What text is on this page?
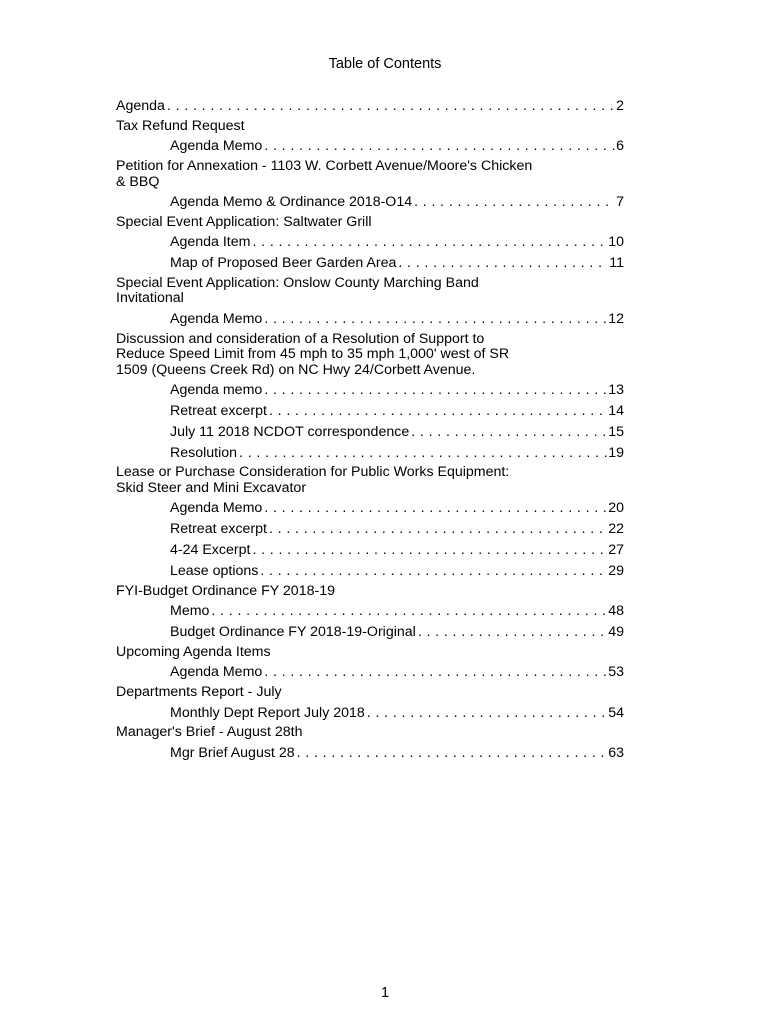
Table of Contents
Agenda . . .	2
Tax Refund Request
Agenda Memo . . .	6
Petition for Annexation - 1103 W. Corbett Avenue/Moore's Chicken & BBQ
Agenda Memo & Ordinance 2018-O14 . . .	7
Special Event Application: Saltwater Grill
Agenda Item . . .	10
Map of Proposed Beer Garden Area . . .	11
Special Event Application: Onslow County Marching Band Invitational
Agenda Memo . . .	12
Discussion and consideration of a Resolution of Support to Reduce Speed Limit from 45 mph to 35 mph 1,000' west of SR 1509 (Queens Creek Rd) on NC Hwy 24/Corbett Avenue.
Agenda memo . . .	13
Retreat excerpt . . .	14
July 11 2018 NCDOT correspondence . . .	15
Resolution . . .	19
Lease or Purchase Consideration for Public Works Equipment: Skid Steer and Mini Excavator
Agenda Memo . . .	20
Retreat excerpt . . .	22
4-24 Excerpt . . .	27
Lease options . . .	29
FYI-Budget Ordinance FY 2018-19
Memo . . .	48
Budget Ordinance FY 2018-19-Original . . .	49
Upcoming Agenda Items
Agenda Memo . . .	53
Departments Report - July
Monthly Dept Report July 2018 . . .	54
Manager's Brief - August 28th
Mgr Brief August 28 . . .	63
1
